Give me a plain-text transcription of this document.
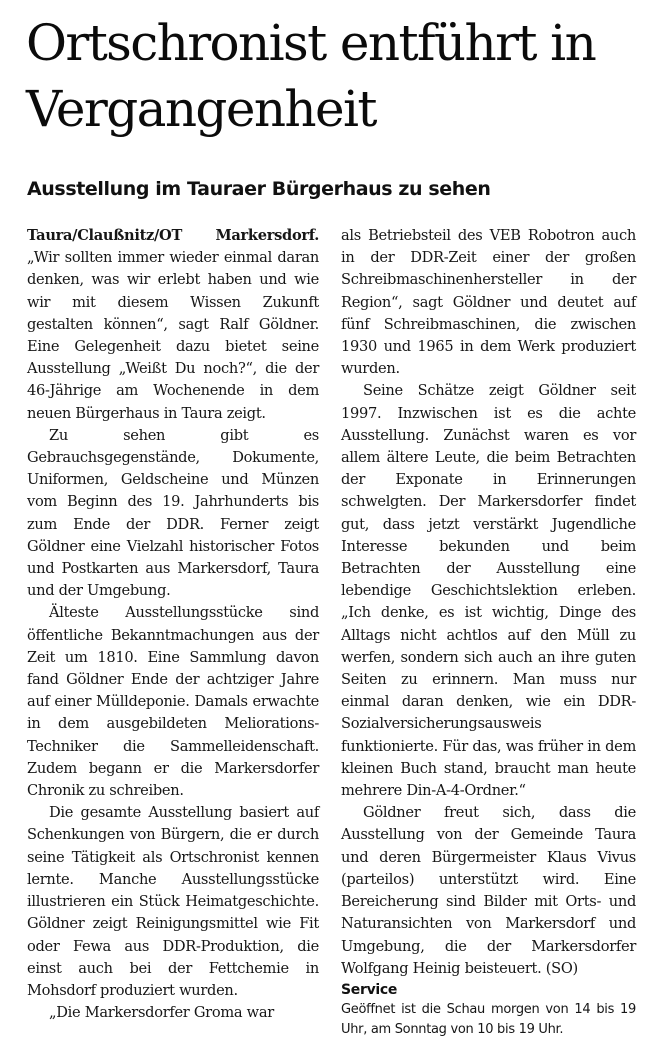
Ortschronist entführt in Vergangenheit
Ausstellung im Tauraer Bürgerhaus zu sehen

Taura/Claußnitz/OT Markersdorf. „Wir sollten immer wieder einmal daran denken, was wir erlebt haben und wie wir mit diesem Wissen Zukunft gestalten können“, sagt Ralf Göldner. Eine Gelegenheit dazu bietet seine Ausstellung „Weißt Du noch?“, die der 46-Jährige am Wochenende in dem neuen Bürgerhaus in Taura zeigt.

Zu sehen gibt es Gebrauchsgegenstände, Dokumente, Uniformen, Geldscheine und Münzen vom Beginn des 19. Jahrhunderts bis zum Ende der DDR. Ferner zeigt Göldner eine Vielzahl historischer Fotos und Postkarten aus Markersdorf, Taura und der Umgebung.

Älteste Ausstellungsstücke sind öffentliche Bekanntmachungen aus der Zeit um 1810. Eine Sammlung davon fand Göldner Ende der achtziger Jahre auf einer Mülldeponie. Damals erwachte in dem ausgebildeten Meliorations-Techniker die Sammelleidenschaft. Zudem begann er die Markersdorfer Chronik zu schreiben.

Die gesamte Ausstellung basiert auf Schenkungen von Bürgern, die er durch seine Tätigkeit als Ortschronist kennen lernte. Manche Ausstellungsstücke illustrieren ein Stück Heimatgeschichte. Göldner zeigt Reinigungsmittel wie Fit oder Fewa aus DDR-Produktion, die einst auch bei der Fettchemie in Mohsdorf produziert wurden.

„Die Markersdorfer Groma war

als Betriebsteil des VEB Robotron auch in der DDR-Zeit einer der großen Schreibmaschinenhersteller in der Region“, sagt Göldner und deutet auf fünf Schreibmaschinen, die zwischen 1930 und 1965 in dem Werk produziert wurden.

Seine Schätze zeigt Göldner seit 1997. Inzwischen ist es die achte Ausstellung. Zunächst waren es vor allem ältere Leute, die beim Betrachten der Exponate in Erinnerungen schwelgten. Der Markersdorfer findet gut, dass jetzt verstärkt Jugendliche Interesse bekunden und beim Betrachten der Ausstellung eine lebendige Geschichtslektion erleben. „Ich denke, es ist wichtig, Dinge des Alltags nicht achtlos auf den Müll zu werfen, sondern sich auch an ihre guten Seiten zu erinnern. Man muss nur einmal daran denken, wie ein DDR-Sozialversicherungsausweis funktionierte. Für das, was früher in dem kleinen Buch stand, braucht man heute mehrere Din-A-4-Ordner.“

Göldner freut sich, dass die Ausstellung von der Gemeinde Taura und deren Bürgermeister Klaus Vivus (parteilos) unterstützt wird. Eine Bereicherung sind Bilder mit Orts- und Naturansichten von Markersdorf und Umgebung, die der Markersdorfer Wolfgang Heinig beisteuert. (SO)

Service

Geöffnet ist die Schau morgen von 14 bis 19 Uhr, am Sonntag von 10 bis 19 Uhr.
